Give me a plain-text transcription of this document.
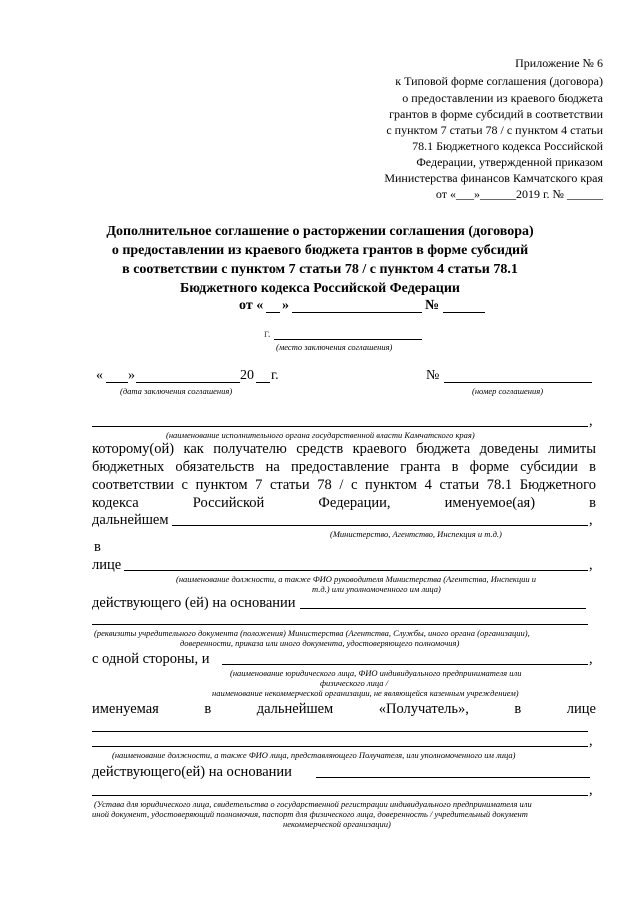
Приложение № 6
к Типовой форме соглашения (договора)
о предоставлении из краевого бюджета
грантов в форме субсидий в соответствии
с пунктом 7 статьи 78 / с пунктом 4 статьи
78.1 Бюджетного кодекса Российской
Федерации, утвержденной приказом
Министерства финансов Камчатского края
от «___»______2019 г. № ______
Дополнительное соглашение о расторжении соглашения (договора)
о предоставлении из краевого бюджета грантов в форме субсидий
в соответствии с пунктом 7 статьи 78 / с пунктом 4 статьи 78.1
Бюджетного кодекса Российской Федерации
от « »	№
г.
(место заключения соглашения)
« »	20 г.
(дата заключения соглашения)
№
(номер соглашения)
,
(наименование исполнительного органа государственной власти Камчатского края)
которому(ой) как получателю средств краевого бюджета доведены лимиты
бюджетных обязательств на предоставление гранта в форме субсидии в
соответствии с пунктом 7 статьи 78 / с пунктом 4 статьи 78.1 Бюджетного
кодекса	Российской	Федерации,	именуемое(ая)	в
дальнейшем	,
(Министерство, Агентство, Инспекция и т.д.)
в
лице	,
(наименование должности, а также ФИО руководителя Министерства (Агентства, Инспекции и
т.д.) или уполномоченного им лица)
действующего (ей) на основании
(реквизиты учредительного документа (положения) Министерства (Агентства, Службы, иного органа (организации),
доверенности, приказа или иного документа, удостоверяющего полномочия)
с одной стороны, и	,
(наименование юридического лица, ФИО индивидуального предпринимателя или
физического лица /
наименование некоммерческой организации, не являющейся казенным учреждением)
именуемая	в	дальнейшем	«Получатель»,	в	лице
,
(наименование должности, а также ФИО лица, представляющего Получателя, или уполномоченного им лица)
действующего(ей) на основании
,
(Устава для юридического лица, свидетельства о государственной регистрации индивидуального предпринимателя или
иной документ, удостоверяющий полномочия, паспорт для физического лица, доверенность / учредительный документ
некоммерческой организации)
